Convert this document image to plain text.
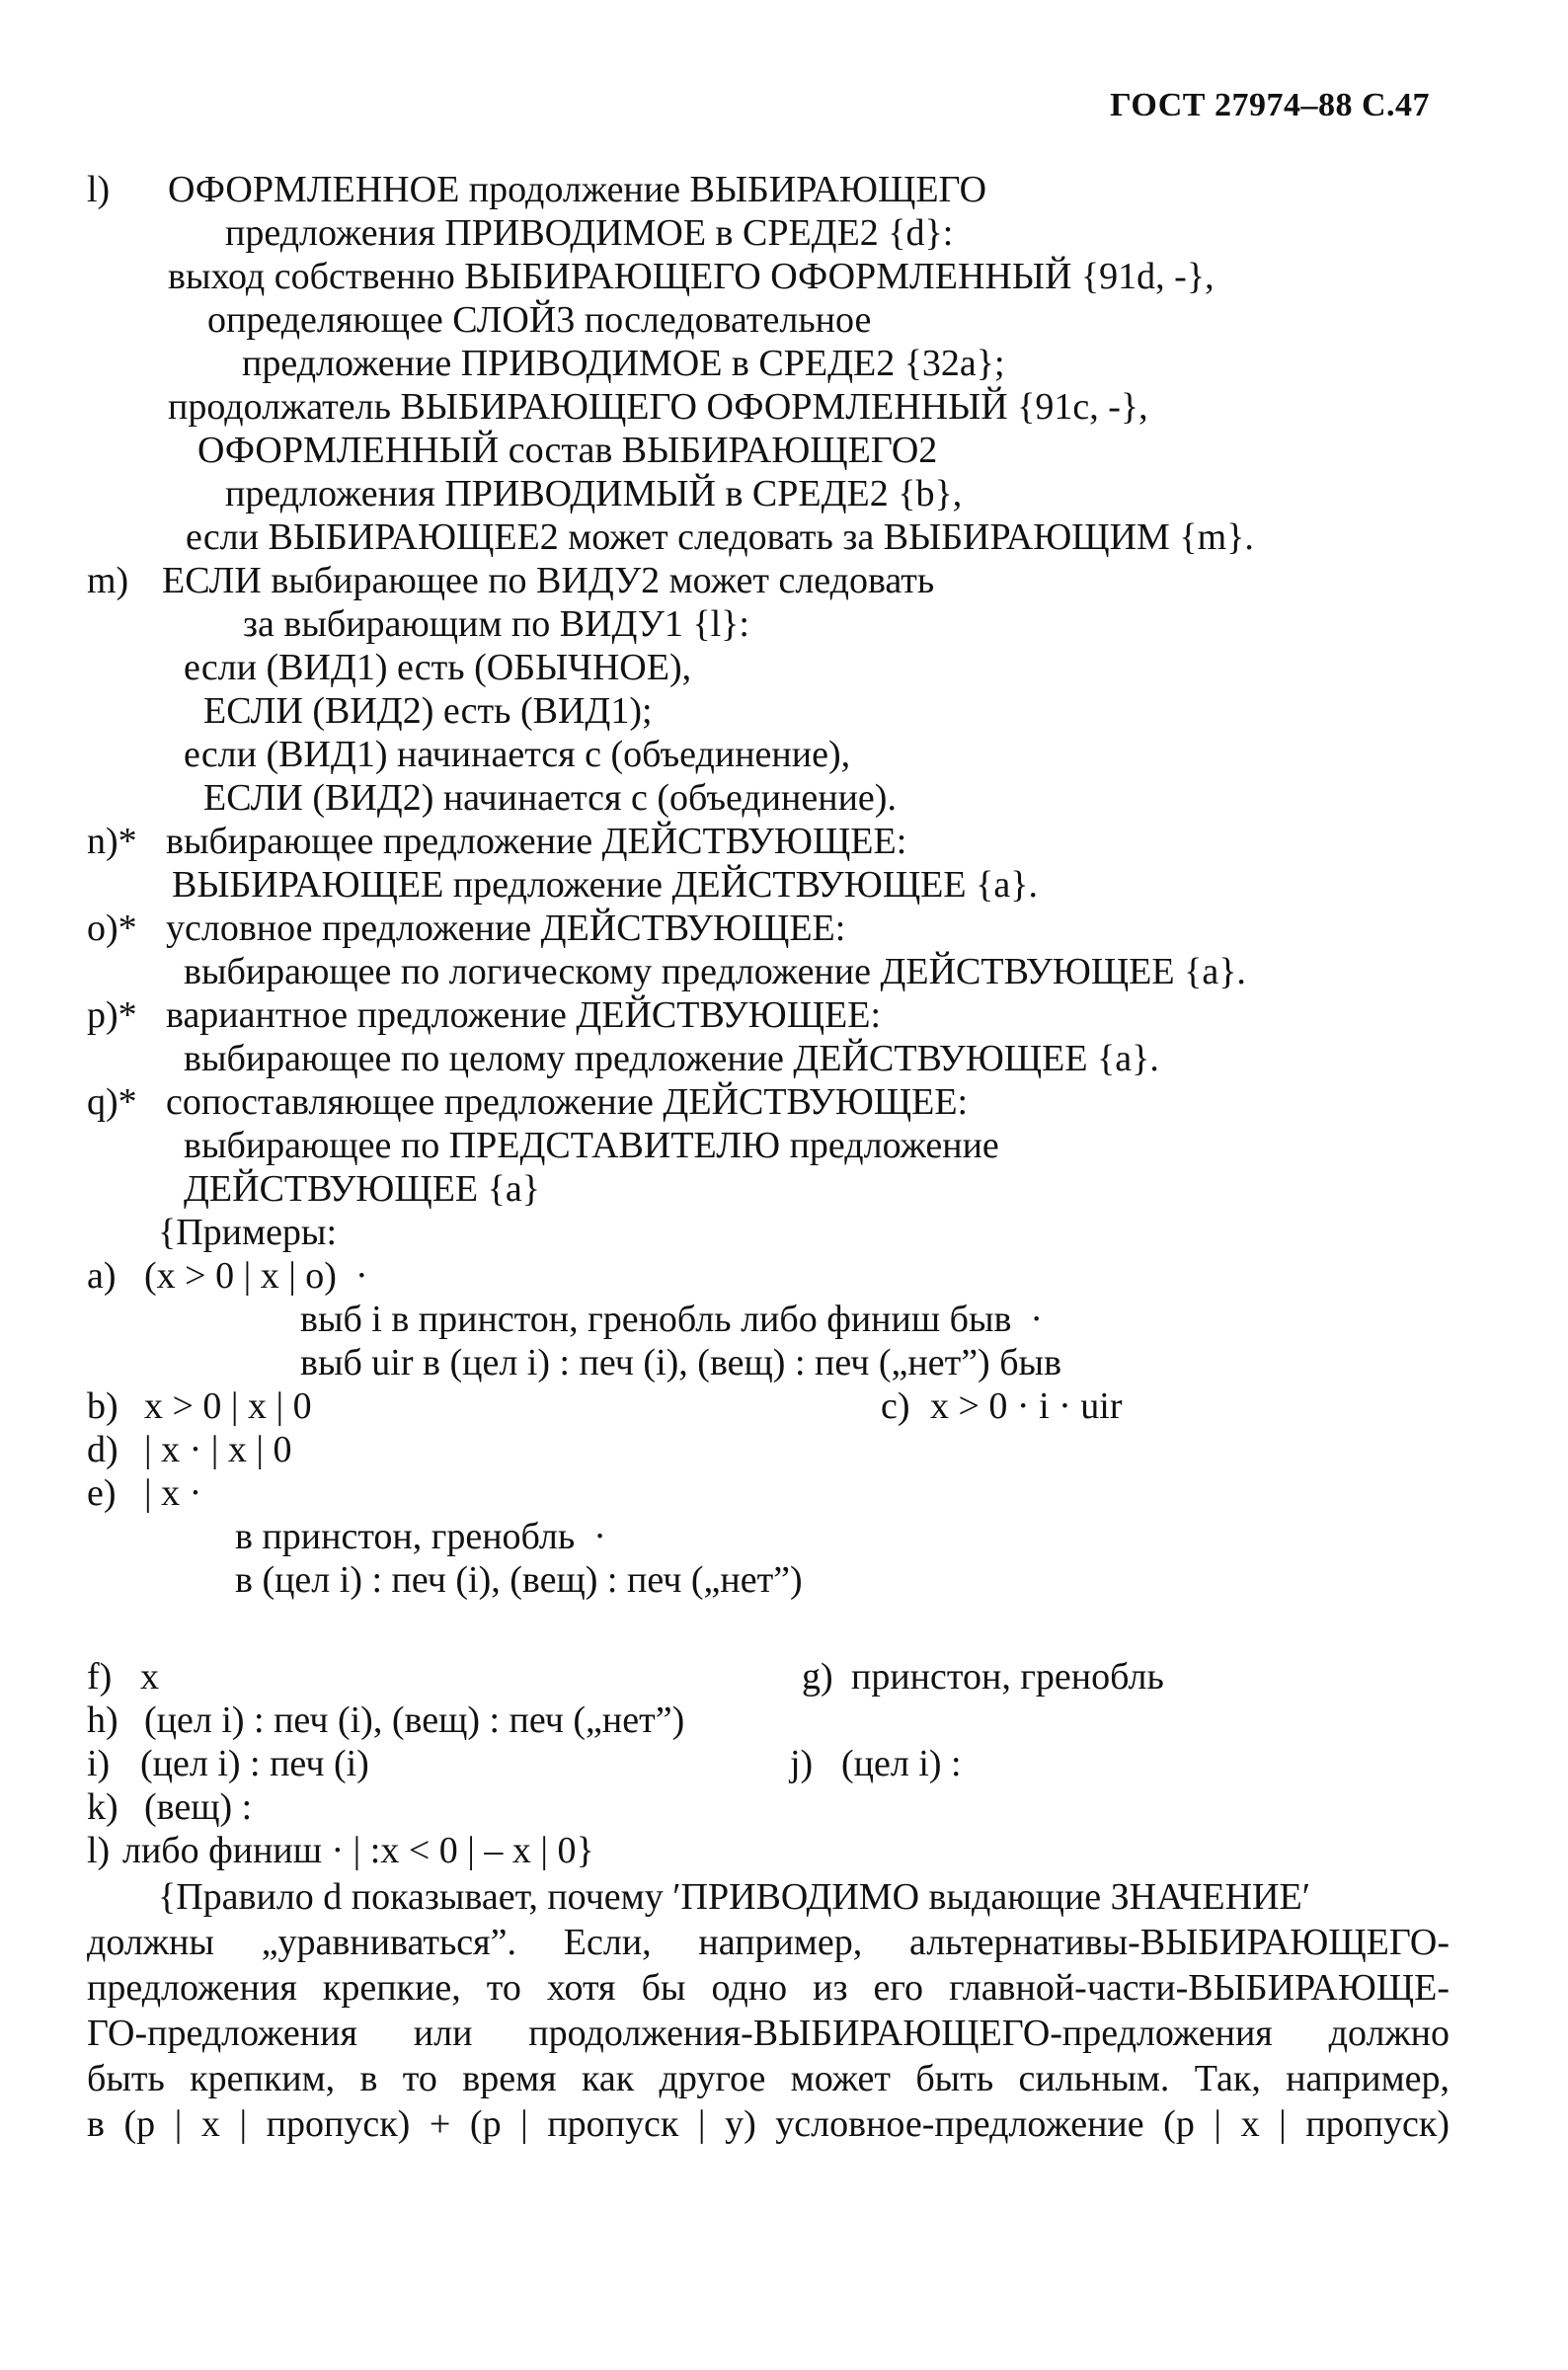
ГОСТ 27974–88 С.47
l) ОФОРМЛЕННОЕ продолжение ВЫБИРАЮЩЕГО
предложения ПРИВОДИМОЕ в СРЕДЕ2 {d}:
выход собственно ВЫБИРАЮЩЕГО ОФОРМЛЕННЫЙ {91d, -},
определяющее СЛОЙ3 последовательное
предложение ПРИВОДИМОЕ в СРЕДЕ2 {32a};
продолжатель ВЫБИРАЮЩЕГО ОФОРМЛЕННЫЙ {91c, -},
ОФОРМЛЕННЫЙ состав ВЫБИРАЮЩЕГО2
предложения ПРИВОДИМЫЙ в СРЕДЕ2 {b},
если ВЫБИРАЮЩЕЕ2 может следовать за ВЫБИРАЮЩИМ {m}.
m) ЕСЛИ выбирающее по ВИДУ2 может следовать
за выбирающим по ВИДУ1 {l}:
если (ВИД1) есть (ОБЫЧНОЕ),
ЕСЛИ (ВИД2) есть (ВИД1);
если (ВИД1) начинается с (объединение),
ЕСЛИ (ВИД2) начинается с (объединение).
n)* выбирающее предложение ДЕЙСТВУЮЩЕЕ:
ВЫБИРАЮЩЕЕ предложение ДЕЙСТВУЮЩЕЕ {a}.
o)* условное предложение ДЕЙСТВУЮЩЕЕ:
выбирающее по логическому предложение ДЕЙСТВУЮЩЕЕ {a}.
p)* вариантное предложение ДЕЙСТВУЮЩЕЕ:
выбирающее по целому предложение ДЕЙСТВУЮЩЕЕ {a}.
q)* сопоставляющее предложение ДЕЙСТВУЮЩЕЕ:
выбирающее по ПРЕДСТАВИТЕЛЮ предложение
ДЕЙСТВУЮЩЕЕ {a}
{Примеры:
a) (x > 0 | x | o)  ·
выб i в принстон, гренобль либо финиш быв  ·
выб uir в (цел i) : печ (i), (вещ) : печ („нет”) быв
b) x > 0 | x | 0	c) x > 0 · i · uir
d) | x · | x | 0
e) | x ·
в принстон, гренобль  ·
в (цел i) : печ (i), (вещ) : печ („нет”)
f) x	g) принстон, гренобль
h) (цел i) : печ (i), (вещ) : печ („нет”)
i) (цел i) : печ (i)	j) (цел i) :
k) (вещ) :
l) либо финиш · | :x < 0 | – x | 0}
{Правило d показывает, почему ′ПРИВОДИМО выдающие ЗНАЧЕНИЕ′
должны „уравниваться”. Если, например, альтернативы-ВЫБИРАЮЩЕГО-
предложения крепкие, то хотя бы одно из его главной-части-ВЫБИРАЮЩЕ-
ГО-предложения или продолжения-ВЫБИРАЮЩЕГО-предложения должно
быть крепким, в то время как другое может быть сильным. Так, например,
в (p | x | пропуск) + (p | пропуск | y) условное-предложение (p | x | пропуск)
